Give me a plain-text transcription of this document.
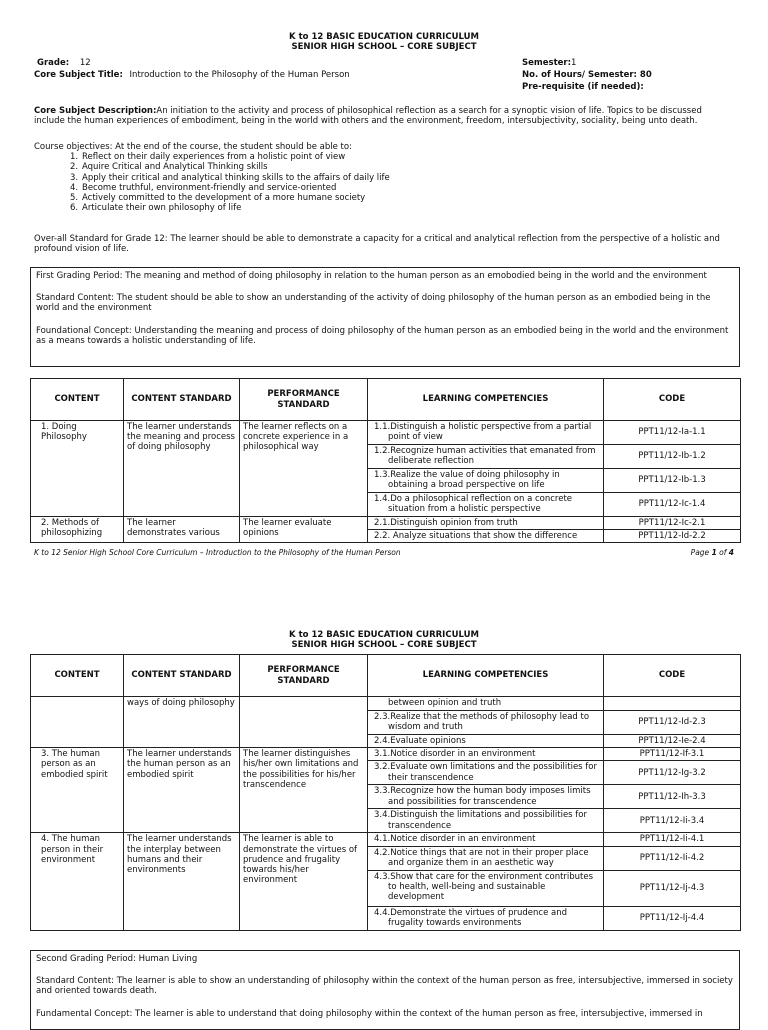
K to 12 BASIC EDUCATION CURRICULUM
SENIOR HIGH SCHOOL – CORE SUBJECT
Grade: 12
Core Subject Title: Introduction to the Philosophy of the Human Person
Semester:1
No. of Hours/ Semester: 80
Pre-requisite (if needed):
Core Subject Description:An initiation to the activity and process of philosophical reflection as a search for a synoptic vision of life. Topics to be discussed include the human experiences of embodiment, being in the world with others and the environment, freedom, intersubjectivity, sociality, being unto death.
Course objectives: At the end of the course, the student should be able to:
1. Reflect on their daily experiences from a holistic point of view
2. Aquire Critical and Analytical Thinking skills
3. Apply their critical and analytical thinking skills to the affairs of daily life
4. Become truthful, environment-friendly and service-oriented
5. Actively committed to the development of a more humane society
6. Articulate their own philosophy of life
Over-all Standard for Grade 12: The learner should be able to demonstrate a capacity for a critical and analytical reflection from the perspective of a holistic and profound vision of life.

First Grading Period: The meaning and method of doing philosophy in relation to the human person as an emobodied being in the world and the environment

Standard Content: The student should be able to show an understanding of the activity of doing philosophy of the human person as an embodied being in the world and the environment

Foundational Concept: Understanding the meaning and process of doing philosophy of the human person as an embodied being in the world and the environment as a means towards a holistic understanding of life.

CONTENT	CONTENT STANDARD	PERFORMANCE STANDARD	LEARNING COMPETENCIES	CODE
1. Doing Philosophy	The learner understands the meaning and process of doing philosophy	The learner reflects on a concrete experience in a philosophical way	1.1.Distinguish a holistic perspective from a partial point of view	PPT11/12-Ia-1.1
			1.2.Recognize human activities that emanated from deliberate reflection	PPT11/12-Ib-1.2
			1.3.Realize the value of doing philosophy in obtaining a broad perspective on life	PPT11/12-Ib-1.3
			1.4.Do a philosophical reflection on a concrete situation from a holistic perspective	PPT11/12-Ic-1.4
2. Methods of philosophizing	The learner demonstrates various	The learner evaluate opinions	2.1.Distinguish opinion from truth	PPT11/12-Ic-2.1
			2.2. Analyze situations that show the difference	PPT11/12-Id-2.2
K to 12 Senior High School Core Curriculum – Introduction to the Philosophy of the Human Person	Page 1 of 4
K to 12 BASIC EDUCATION CURRICULUM
SENIOR HIGH SCHOOL – CORE SUBJECT
CONTENT	CONTENT STANDARD	PERFORMANCE STANDARD	LEARNING COMPETENCIES	CODE
	ways of doing philosophy		between opinion and truth	
			2.3.Realize that the methods of philosophy lead to wisdom and truth	PPT11/12-Id-2.3
			2.4.Evaluate opinions	PPT11/12-Ie-2.4
3. The human person as an embodied spirit	The learner understands the human person as an embodied spirit	The learner distinguishes his/her own limitations and the possibilities for his/her transcendence	3.1.Notice disorder in an environment	PPT11/12-If-3.1
			3.2.Evaluate own limitations and the possibilities for their transcendence	PPT11/12-Ig-3.2
			3.3.Recognize how the human body imposes limits and possibilities for transcendence	PPT11/12-Ih-3.3
			3.4.Distinguish the limitations and possibilities for transcendence	PPT11/12-Ii-3.4
4. The human person in their environment	The learner understands the interplay between humans and their environments	The learner is able to demonstrate the virtues of prudence and frugality towards his/her environment	4.1.Notice disorder in an environment	PPT11/12-Ii-4.1
			4.2.Notice things that are not in their proper place and organize them in an aesthetic way	PPT11/12-Ii-4.2
			4.3.Show that care for the environment contributes to health, well-being and sustainable development	PPT11/12-Ij-4.3
			4.4.Demonstrate the virtues of prudence and frugality towards environments	PPT11/12-Ij-4.4

Second Grading Period: Human Living

Standard Content: The learner is able to show an understanding of philosophy within the context of the human person as free, intersubjective, immersed in society and oriented towards death.

Fundamental Concept: The learner is able to understand that doing philosophy within the context of the human person as free, intersubjective, immersed in
